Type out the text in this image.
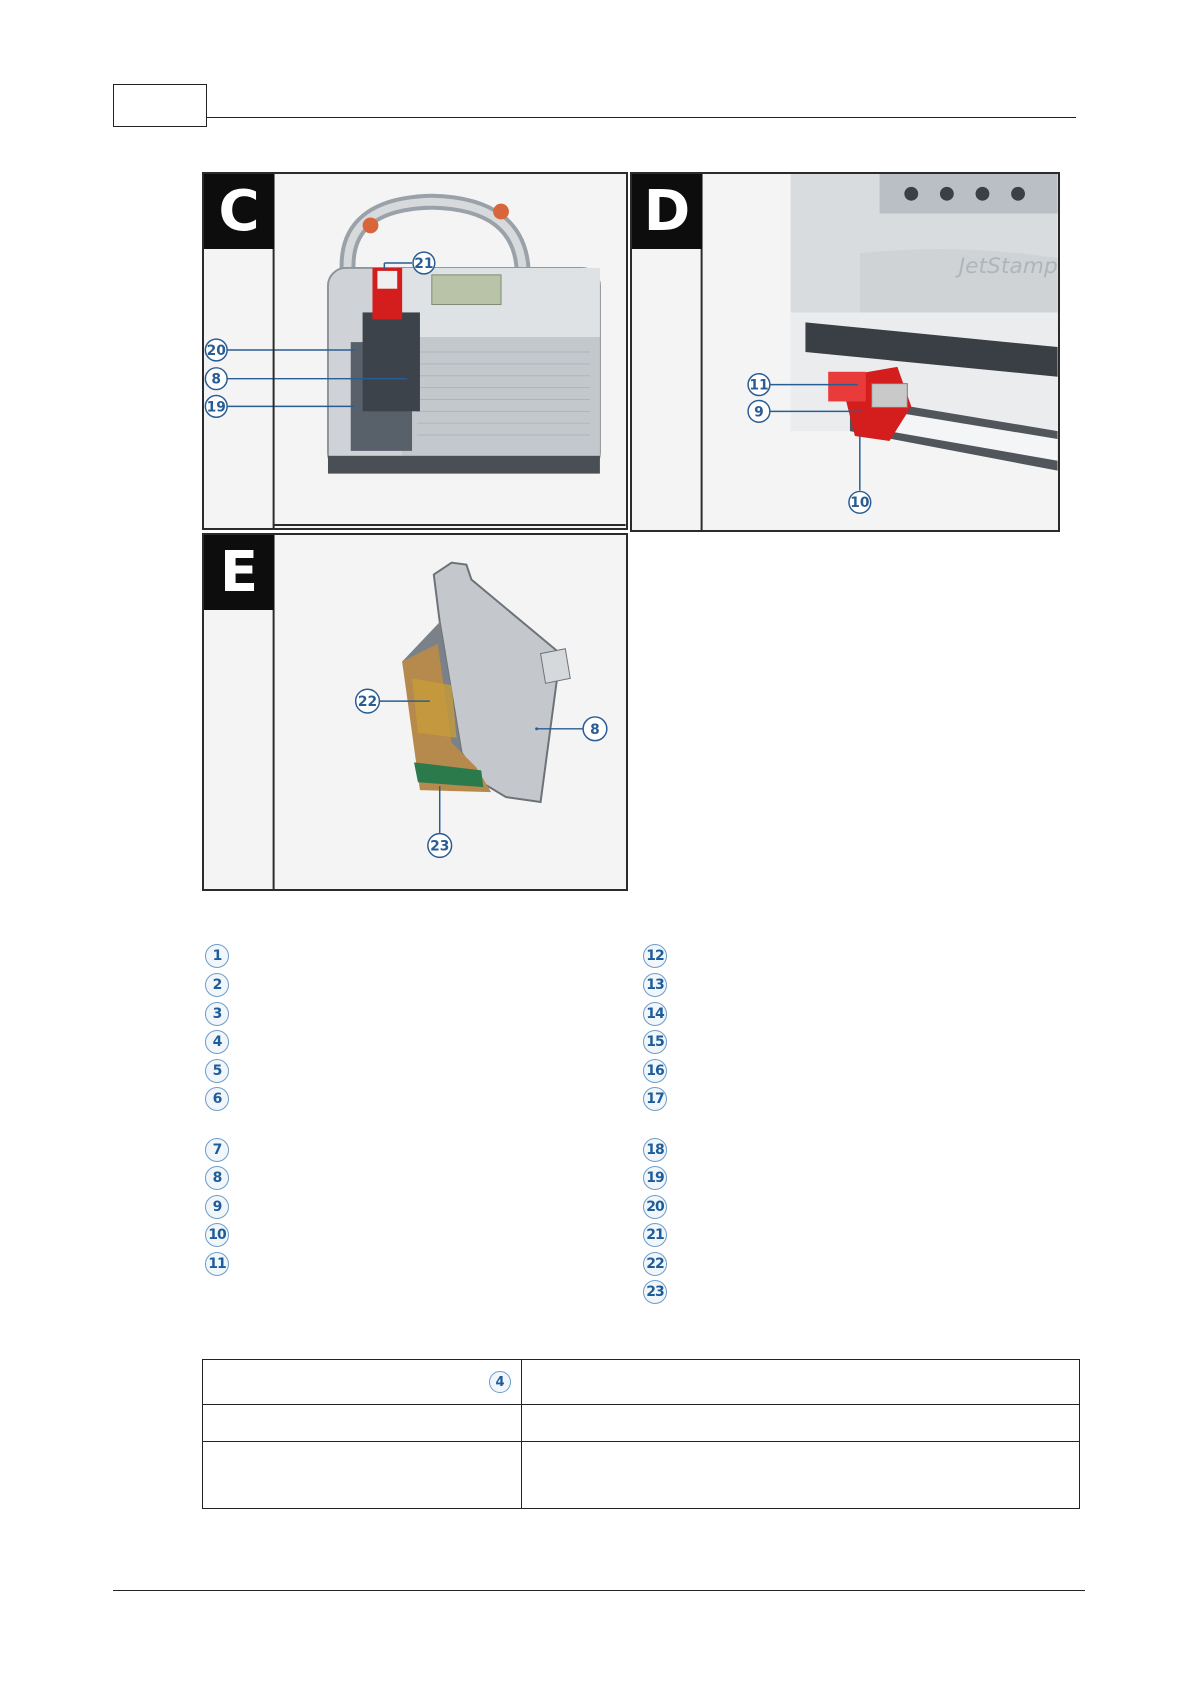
21
20
8
19
C
JetStamp
11
9
10
D
22
8
23
E
1
2
3
4
5
6
7
8
9
10
11
12
13
14
15
16
17
18
19
20
21
22
23
4	
